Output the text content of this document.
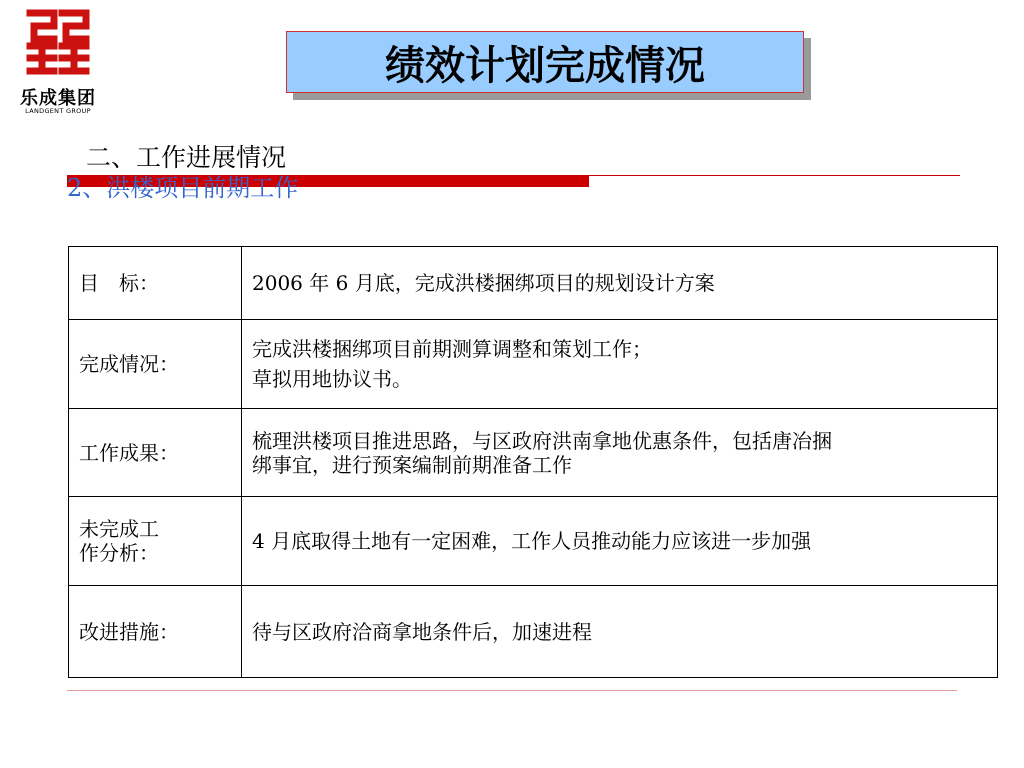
乐成集团
LANDGENT GROUP
绩效计划完成情况
二、工作进展情况
2、洪楼项目前期工作
目　标：	2006 年 6 月底，完成洪楼捆绑项目的规划设计方案

完成情况：	完成洪楼捆绑项目前期测算调整和策划工作；
草拟用地协议书。

工作成果：	梳理洪楼项目推进思路，与区政府洪南拿地优惠条件，包括唐冶捆
绑事宜，进行预案编制前期准备工作

未完成工
作分析：	4 月底取得土地有一定困难，工作人员推动能力应该进一步加强

改进措施：	待与区政府洽商拿地条件后，加速进程
